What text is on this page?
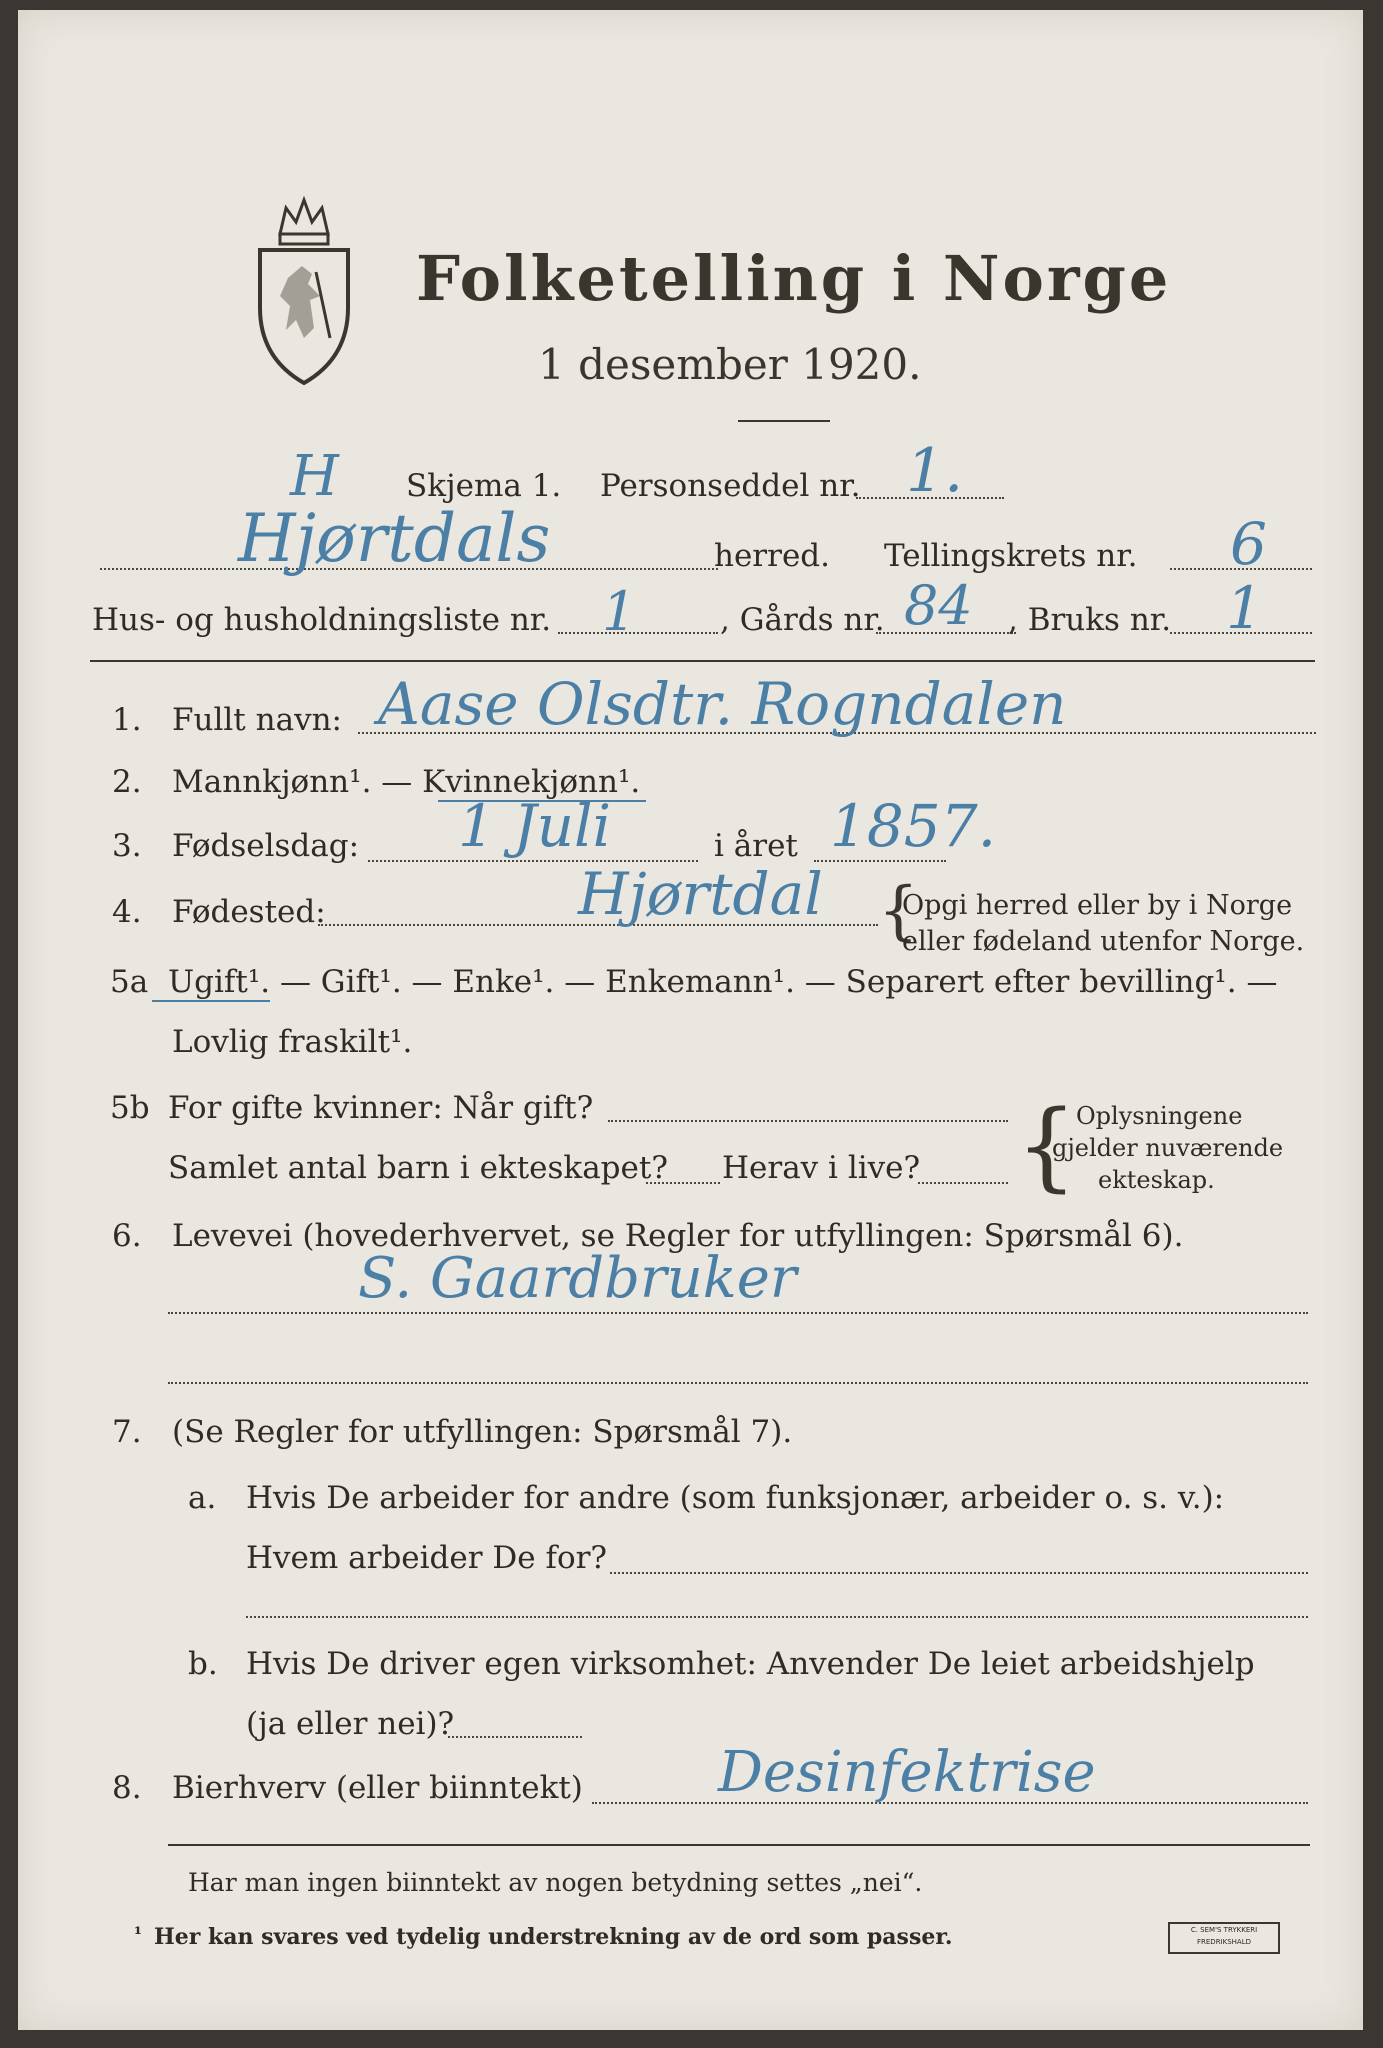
Folketelling i Norge
1 desember 1920.
H Skjema 1. Personseddel nr. 1.
Hjørtdals	herred. Tellingskrets nr. 6
Hus- og husholdningsliste nr. 1	, Gårds nr. 84 , Bruks nr. 1
1. Fullt navn: Aase Olsdtr. Rogndalen
2. Mannkjønn¹. — Kvinnekjønn¹.
3. Fødselsdag: 1 Juli	i året 1857.
4. Fødested:	Hjørtdal {
Opgi herred eller by i Norge
eller fødeland utenfor Norge.
5a Ugift¹. — Gift¹. — Enke¹. — Enkemann¹. — Separert efter bevilling¹. —
Lovlig fraskilt¹.
5b For gifte kvinner: Når gift?
Samlet antal barn i ekteskapet? Herav i live? {
Oplysningene
gjelder nuværende
ekteskap.
6. Levevei (hovederhvervet, se Regler for utfyllingen: Spørsmål 6).
S. Gaardbruker
7. (Se Regler for utfyllingen: Spørsmål 7).
a. Hvis De arbeider for andre (som funksjonær, arbeider o. s. v.):
Hvem arbeider De for?
b. Hvis De driver egen virksomhet: Anvender De leiet arbeidshjelp
(ja eller nei)?
8. Bierhverv (eller biinntekt) Desinfektrise
Har man ingen biinntekt av nogen betydning settes „nei“.
¹ Her kan svares ved tydelig understrekning av de ord som passer.	C. SEM'S TRYKKERI FREDRIKSHALD
